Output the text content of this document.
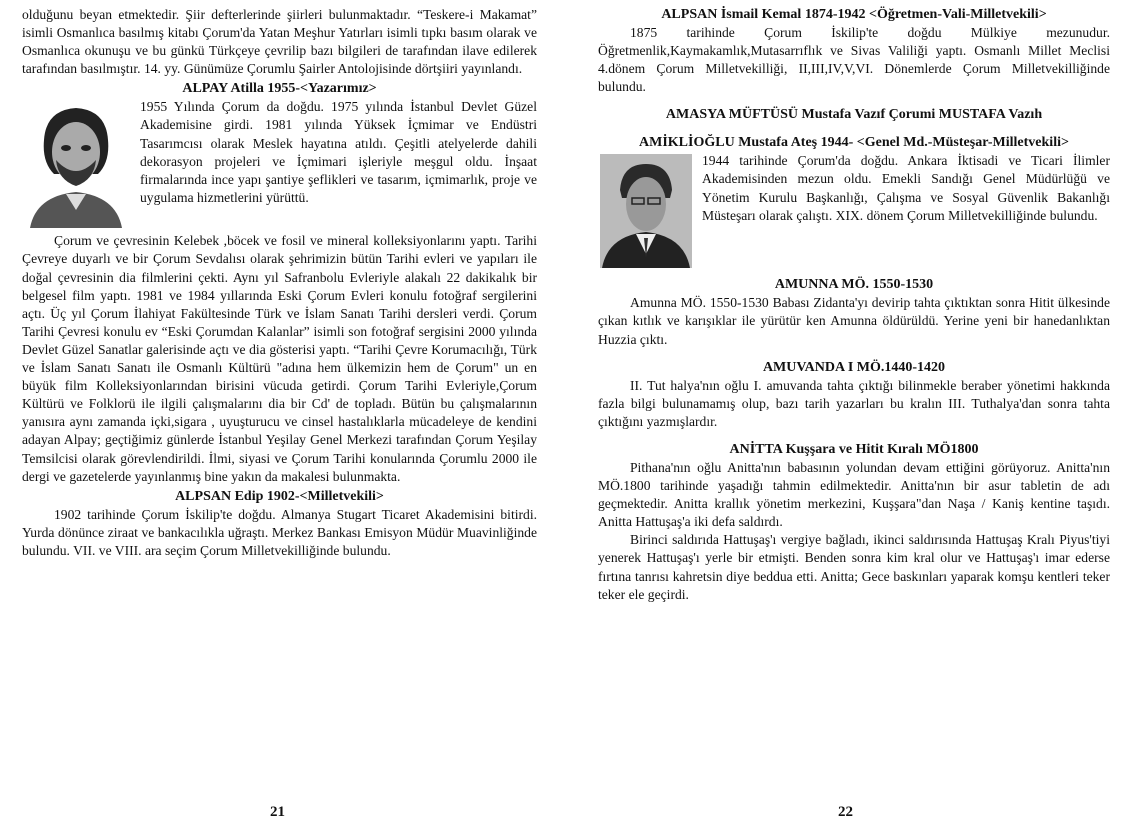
olduğunu beyan etmektedir. Şiir defterlerinde şiirleri bulunmaktadır. “Teskere-i Makamat” isimli Osmanlıca basılmış kitabı Çorum'da Yatan Meşhur Yatırları isimli tıpkı basım olarak ve Osmanlıca okunuşu ve bu günkü Türkçeye çevrilip bazı bilgileri de tarafından ilave edilerek tarafından basılmıştır. 14. yy. Günümüze Çorumlu Şairler Antolojisinde dörtşiiri yayınlandı.

ALPAY Atilla 1955-<Yazarımız>

1955 Yılında Çorum da doğdu. 1975 yılında İstanbul Devlet Güzel Akademisine girdi. 1981 yılında Yüksek İçmimar ve Endüstri Tasarımcısı olarak Meslek hayatına atıldı. Çeşitli atelyelerde dahili dekorasyon projeleri ve İçmimari işleriyle meşgul oldu. İnşaat firmalarında ince yapı şantiye şeflikleri ve tasarım, içmimarlık, proje ve uygulama hizmetlerini yürüttü.

Çorum ve çevresinin Kelebek ,böcek ve fosil ve mineral kolleksiyonlarını yaptı. Tarihi Çevreye duyarlı ve bir Çorum Sevdalısı olarak şehrimizin bütün Tarihi evleri ve yapıları ile doğal çevresinin dia filmlerini çekti. Aynı yıl Safranbolu Evleriyle alakalı 22 dakikalık bir belgesel film yaptı. 1981 ve 1984 yıllarında Eski Çorum Evleri konulu fotoğraf sergilerini açtı. Üç yıl Çorum İlahiyat Fakültesinde Türk ve İslam Sanatı Tarihi dersleri verdi. Çorum Tarihi Çevresi konulu ev “Eski Çorumdan Kalanlar” isimli son fotoğraf sergisini 2000 yılında Devlet Güzel Sanatlar galerisinde açtı ve dia gösterisi yaptı. “Tarihi Çevre Korumacılığı, Türk ve İslam Sanatı Sanatı ile Osmanlı Kültürü "adına hem ülkemizin hem de Çorum" un en büyük film Kolleksiyonlarından birisini vücuda getirdi. Çorum Tarihi Evleriyle,Çorum Kültürü ve Folklorü ile ilgili çalışmalarını dia bir Cd' de topladı. Bütün bu çalışmalarının yanısıra aynı zamanda içki,sigara , uyuşturucu ve cinsel hastalıklarla mücadeleye de kendini adayan Alpay; geçtiğimiz günlerde İstanbul Yeşilay Genel Merkezi tarafından Çorum Yeşilay Temsilcisi olarak görevlendirildi. İlmi, siyasi ve Çorum Tarihi konularında Çorumlu 2000 ile dergi ve gazetelerde yayınlanmış bine yakın da makalesi bulunmakta.

ALPSAN Edip 1902-<Milletvekili>

1902 tarihinde Çorum İskilip'te doğdu. Almanya Stugart Ticaret Akademisini bitirdi. Yurda dönünce ziraat ve bankacılıkla uğraştı. Merkez Bankası Emisyon Müdür Muavinliğinde bulundu. VII. ve VIII. ara seçim Çorum Milletvekilliğinde bulundu.

21
ALPSAN İsmail Kemal 1874-1942 <Öğretmen-Vali-Milletvekili>

1875 tarihinde Çorum İskilip'te doğdu Mülkiye mezunudur. Öğretmenlik,Kaymakamlık,Mutasarrıflık ve Sivas Valiliği yaptı. Osmanlı Millet Meclisi 4.dönem Çorum Milletvekilliği, II,III,IV,V,VI. Dönemlerde Çorum Milletvekilliğinde bulundu.

AMASYA MÜFTÜSÜ Mustafa Vazıf Çorumi MUSTAFA Vazıh
AMİKLİOĞLU Mustafa Ateş 1944- <Genel Md.-Müsteşar-Milletvekili>

1944 tarihinde Çorum'da doğdu. Ankara İktisadi ve Ticari İlimler Akademisinden mezun oldu. Emekli Sandığı Genel Müdürlüğü ve Yönetim Kurulu Başkanlığı, Çalışma ve Sosyal Güvenlik Bakanlığı Müsteşarı olarak çalıştı. XIX. dönem Çorum Milletvekilliğinde bulundu.

AMUNNA MÖ. 1550-1530

Amunna MÖ. 1550-1530 Babası Zidanta'yı devirip tahta çıktıktan sonra Hitit ülkesinde çıkan kıtlık ve karışıklar ile yürütür ken Amunna öldürüldü. Yerine yeni bir hanedanlıktan Huzzia çıktı.

AMUVANDA I MÖ.1440-1420

II. Tut halya'nın oğlu I. amuvanda tahta çıktığı bilinmekle beraber yönetimi hakkında fazla bilgi bulunamamış olup, bazı tarih yazarları bu kralın III. Tuthalya'dan sonra tahta çıktığını yazmışlardır.

ANİTTA Kuşşara ve Hitit Kıralı MÖ1800

Pithana'nın oğlu Anitta'nın babasının yolundan devam ettiğini görüyoruz. Anitta'nın MÖ.1800 tarihinde yaşadığı tahmin edilmektedir. Anitta'nın bir asur tabletin de adı geçmektedir. Anitta krallık yönetim merkezini, Kuşşara"dan Naşa / Kaniş kentine taşıdı. Anitta Hattuşaş'a iki defa saldırdı.

Birinci saldırıda Hattuşaş'ı vergiye bağladı, ikinci saldırısında Hattuşaş Kralı Piyus'tiyi yenerek Hattuşaş'ı yerle bir etmişti. Benden sonra kim kral olur ve Hattuşaş'ı imar ederse fırtına tanrısı kahretsin diye beddua etti. Anitta; Gece baskınları yaparak komşu kentleri teker teker ele geçirdi.

22
